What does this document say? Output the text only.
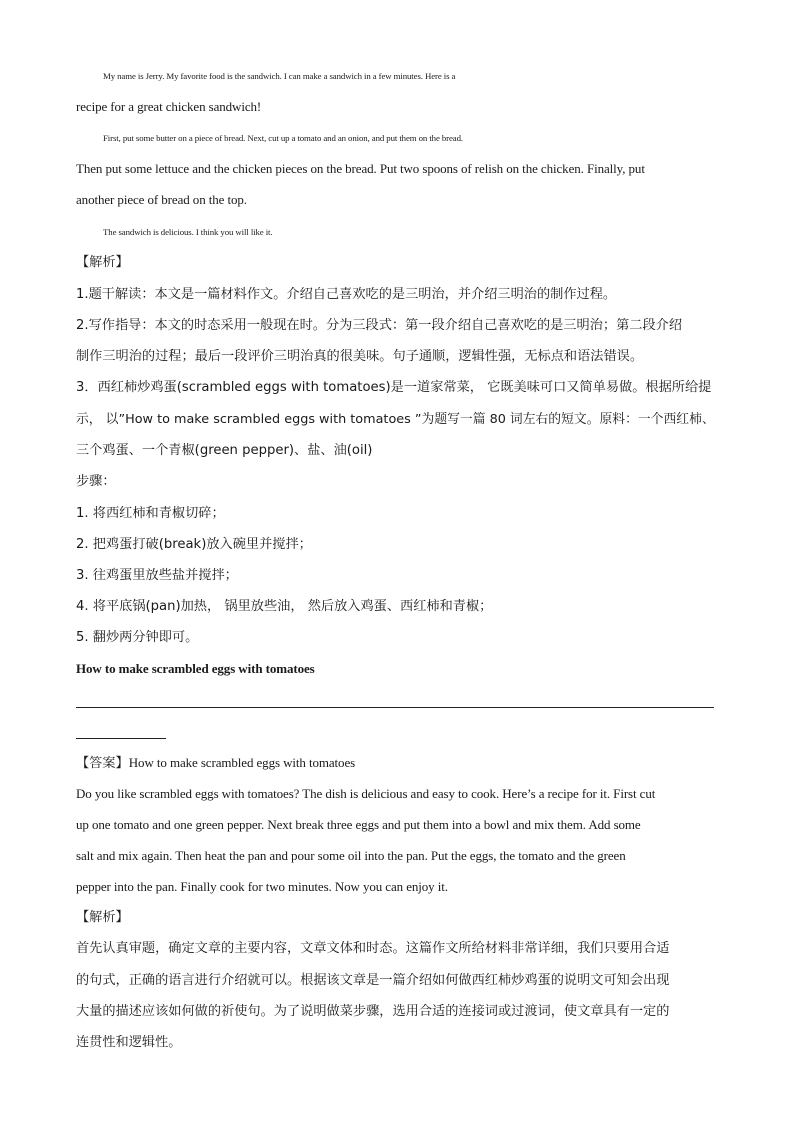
My name is Jerry. My favorite food is the sandwich. I can make a sandwich in a few minutes. Here is a
recipe for a great chicken sandwich!
First, put some butter on a piece of bread. Next, cut up a tomato and an onion, and put them on the bread.
Then put some lettuce and the chicken pieces on the bread. Put two spoons of relish on the chicken. Finally, put
another piece of bread on the top.
The sandwich is delicious. I think you will like it.
【解析】
1.题干解读：本文是一篇材料作文。介绍自己喜欢吃的是三明治，并介绍三明治的制作过程。
2.写作指导：本文的时态采用一般现在时。分为三段式：第一段介绍自己喜欢吃的是三明治；第二段介绍
制作三明治的过程；最后一段评价三明治真的很美味。句子通顺，逻辑性强，无标点和语法错误。
3．西红柿炒鸡蛋(scrambled eggs with tomatoes)是一道家常菜， 它既美味可口又简单易做。根据所给提
示， 以”How to make scrambled eggs with tomatoes ”为题写一篇 80 词左右的短文。原料：一个西红柿、
三个鸡蛋、一个青椒(green pepper)、盐、油(oil)
步骤：
1. 将西红柿和青椒切碎；
2. 把鸡蛋打破(break)放入碗里并搅拌；
3. 往鸡蛋里放些盐并搅拌；
4. 将平底锅(pan)加热， 锅里放些油， 然后放入鸡蛋、西红柿和青椒；
5. 翻炒两分钟即可。
How to make scrambled eggs with tomatoes
【答案】How to make scrambled eggs with tomatoes
Do you like scrambled eggs with tomatoes? The dish is delicious and easy to cook. Here’s a recipe for it. First cut
up one tomato and one green pepper. Next break three eggs and put them into a bowl and mix them. Add some
salt and mix again. Then heat the pan and pour some oil into the pan. Put the eggs, the tomato and the green
pepper into the pan. Finally cook for two minutes. Now you can enjoy it.
【解析】
首先认真审题，确定文章的主要内容，文章文体和时态。这篇作文所给材料非常详细，我们只要用合适
的句式，正确的语言进行介绍就可以。根据该文章是一篇介绍如何做西红柿炒鸡蛋的说明文可知会出现
大量的描述应该如何做的祈使句。为了说明做菜步骤，选用合适的连接词或过渡词，使文章具有一定的
连贯性和逻辑性。
